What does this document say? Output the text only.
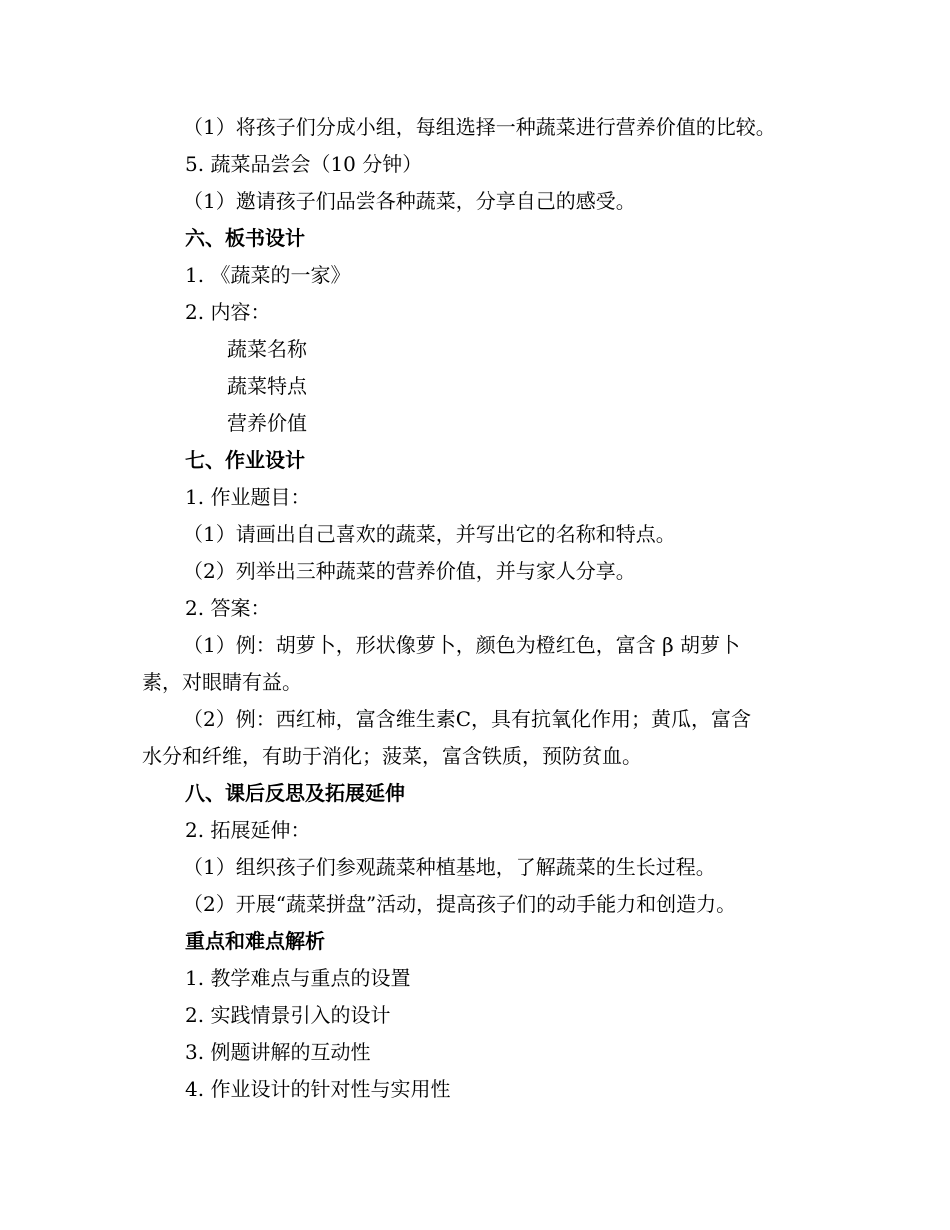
（1）将孩子们分成小组，每组选择一种蔬菜进行营养价值的比较。
5. 蔬菜品尝会（10 分钟）
（1）邀请孩子们品尝各种蔬菜，分享自己的感受。
六、板书设计
1. 《蔬菜的一家》
2. 内容：
蔬菜名称
蔬菜特点
营养价值
七、作业设计
1. 作业题目：
（1）请画出自己喜欢的蔬菜，并写出它的名称和特点。
（2）列举出三种蔬菜的营养价值，并与家人分享。
2. 答案：
（1）例：胡萝卜，形状像萝卜，颜色为橙红色，富含 β 胡萝卜
素，对眼睛有益。
（2）例：西红柿，富含维生素C，具有抗氧化作用；黄瓜，富含
水分和纤维，有助于消化；菠菜，富含铁质，预防贫血。
八、课后反思及拓展延伸
2. 拓展延伸：
（1）组织孩子们参观蔬菜种植基地，了解蔬菜的生长过程。
（2）开展“蔬菜拼盘”活动，提高孩子们的动手能力和创造力。
重点和难点解析
1. 教学难点与重点的设置
2. 实践情景引入的设计
3. 例题讲解的互动性
4. 作业设计的针对性与实用性
